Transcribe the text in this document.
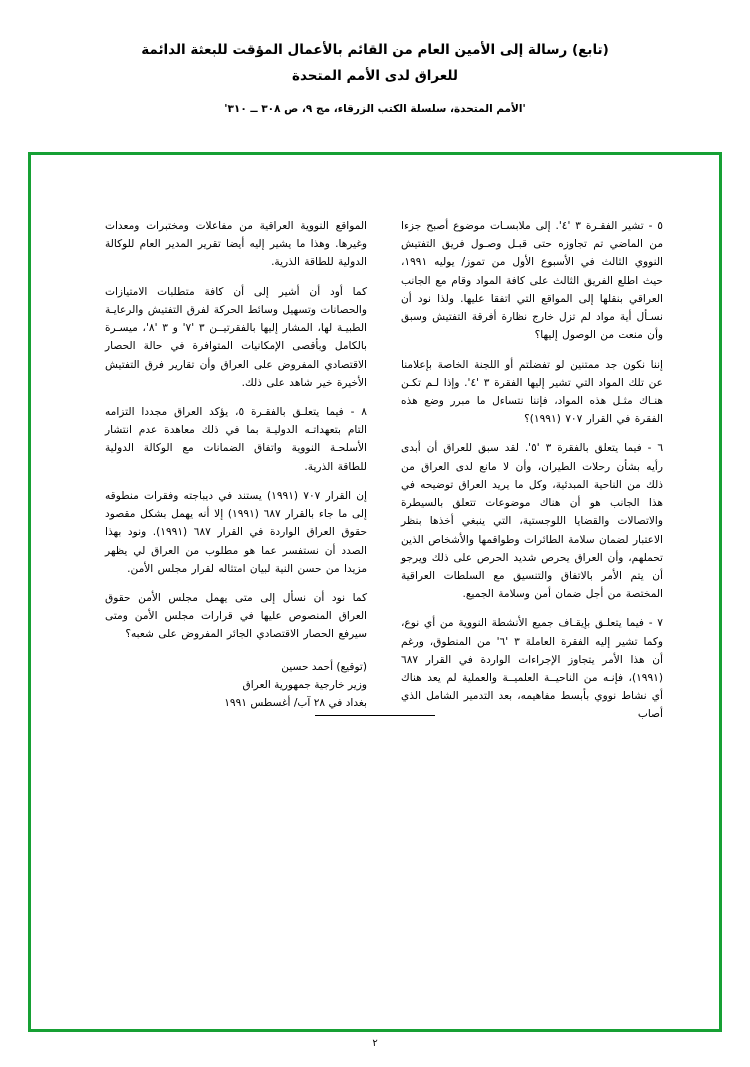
(تابع) رسالة إلى الأمين العام من القائم بالأعمال المؤقت للبعثة الدائمة
للعراق لدى الأمم المتحدة
'الأمم المتحدة، سلسلة الكتب الزرقاء، مج ٩، ص ٣٠٨ ــ ٣١٠'

٥ - تشير الفقـرة ٣ '٤'. إلى ملابسـات موضوع أصبح جزءا من الماضي تم تجاوزه حتى قبـل وصـول فريق التفتيش النووي الثالث في الأسبوع الأول من تموز/ يوليه ١٩٩١، حيث اطلع الفريق الثالث على كافة المواد وقام مع الجانب العراقي بنقلها إلى المواقع التي اتفقا عليها. ولذا نود أن نسـأل أية مواد لم تزل خارج نظارة أفرقة التفتيش وسبق وأن منعت من الوصول إليها؟

إننا نكون جد ممتنين لو تفضلتم أو اللجنة الخاصة بإعلامنا عن تلك المواد التي تشير إليها الفقرة ٣ '٤'. وإذا لـم تكـن هنـاك مثـل هذه المواد، فإننا نتساءل ما مبرر وضع هذه الفقرة في القرار ٧٠٧ (١٩٩١)؟

٦ - فيما يتعلق بالفقرة ٣ '٥'. لقد سبق للعراق أن أبدى رأيه بشأن رحلات الطيران، وأن لا مانع لدى العراق من ذلك من الناحية المبدئية، وكل ما يريد العراق توضيحه في هذا الجانب هو أن هناك موضوعات تتعلق بالسيطرة والاتصالات والقضايا اللوجستية، التي ينبغي أخذها بنظر الاعتبار لضمان سلامة الطائرات وطواقمها والأشخاص الذين تحملهم، وأن العراق يحرص شديد الحرص على ذلك ويرجو أن يتم الأمر بالاتفاق والتنسيق مع السلطات العراقية المختصة من أجل ضمان أمن وسلامة الجميع.

٧ - فيما يتعلـق بإيقـاف جميع الأنشطة النووية من أي نوع، وكما تشير إليه الفقرة العاملة ٣ '٦' من المنطوق، ورغم أن هذا الأمر يتجاوز الإجراءات الواردة في القرار ٦٨٧ (١٩٩١)، فإنـه من الناحيــة العلميــة والعملية لم يعد هناك أي نشاط نووي بأبسط مفاهيمه، بعد التدمير الشامل الذي أصاب

المواقع النووية العراقية من مفاعلات ومختبرات ومعدات وغيرها. وهذا ما يشير إليه أيضا تقرير المدير العام للوكالة الدولية للطاقة الذرية.

كما أود أن أشير إلى أن كافة متطلبات الامتيازات والحصانات وتسهيل وسائط الحركة لفرق التفتيش والرعايـة الطبيـة لها، المشار إليها بالفقرتيــن ٣ '٧' و ٣ '٨'، ميسـرة بالكامل وبأقصى الإمكانيات المتوافرة في حالة الحصار الاقتصادي المفروض على العراق وأن تقارير فرق التفتيش الأخيرة خير شاهد على ذلك.

٨ - فيما يتعلـق بالفقـرة ٥، يؤكد العراق مجددا التزامه التام بتعهداتـه الدوليـة بما في ذلك معاهدة عدم انتشار الأسلحـة النووية واتفاق الضمانات مع الوكالة الدولية للطاقة الذرية.

إن القرار ٧٠٧ (١٩٩١) يستند في ديباجته وفقرات منطوقه إلى ما جاء بالقرار ٦٨٧ (١٩٩١) إلا أنه يهمل بشكل مقصود حقوق العراق الواردة في القرار ٦٨٧ (١٩٩١). ونود بهذا الصدد أن نستفسر عما هو مطلوب من العراق لي يظهر مزيدا من حسن النية لبيان امتثاله لقرار مجلس الأمن.

كما نود أن نسأل إلى متى يهمل مجلس الأمن حقوق العراق المنصوص عليها في قرارات مجلس الأمن ومتى سيرفع الحصار الاقتصادي الجائر المفروض على شعبه؟

(توقيع) أحمد حسين
وزير خارجية جمهورية العراق
بغداد في ٢٨ آب/ أغسطس ١٩٩١
٢
